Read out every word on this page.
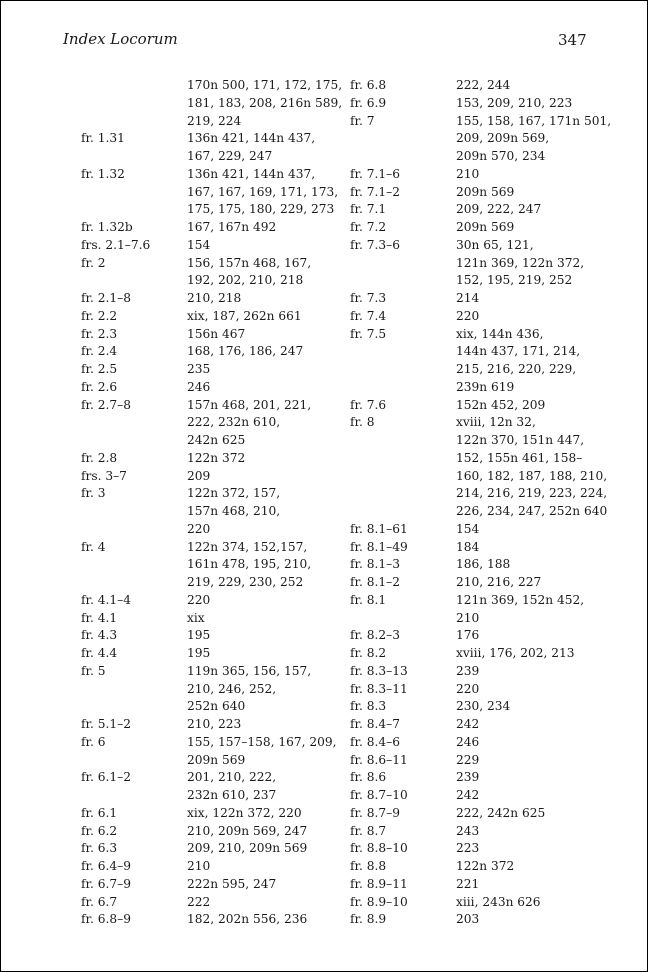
Index Locorum	347
170n 500, 171, 172, 175,
181, 183, 208, 216n 589,
219, 224
fr. 1.31	136n 421, 144n 437,
167, 229, 247
fr. 1.32	136n 421, 144n 437,
167, 167, 169, 171, 173,
175, 175, 180, 229, 273
fr. 1.32b	167, 167n 492
frs. 2.1–7.6	154
fr. 2	156, 157n 468, 167,
192, 202, 210, 218
fr. 2.1–8	210, 218
fr. 2.2	xix, 187, 262n 661
fr. 2.3	156n 467
fr. 2.4	168, 176, 186, 247
fr. 2.5	235
fr. 2.6	246
fr. 2.7–8	157n 468, 201, 221,
222, 232n 610,
242n 625
fr. 2.8	122n 372
frs. 3–7	209
fr. 3	122n 372, 157,
157n 468, 210,
220
fr. 4	122n 374, 152,157,
161n 478, 195, 210,
219, 229, 230, 252
fr. 4.1–4	220
fr. 4.1	xix
fr. 4.3	195
fr. 4.4	195
fr. 5	119n 365, 156, 157,
210, 246, 252,
252n 640
fr. 5.1–2	210, 223
fr. 6	155, 157–158, 167, 209,
209n 569
fr. 6.1–2	201, 210, 222,
232n 610, 237
fr. 6.1	xix, 122n 372, 220
fr. 6.2	210, 209n 569, 247
fr. 6.3	209, 210, 209n 569
fr. 6.4–9	210
fr. 6.7–9	222n 595, 247
fr. 6.7	222
fr. 6.8–9	182, 202n 556, 236
fr. 6.8	222, 244
fr. 6.9	153, 209, 210, 223
fr. 7	155, 158, 167, 171n 501,
209, 209n 569,
209n 570, 234
fr. 7.1–6	210
fr. 7.1–2	209n 569
fr. 7.1	209, 222, 247
fr. 7.2	209n 569
fr. 7.3–6	30n 65, 121,
121n 369, 122n 372,
152, 195, 219, 252
fr. 7.3	214
fr. 7.4	220
fr. 7.5	xix, 144n 436,
144n 437, 171, 214,
215, 216, 220, 229,
239n 619
fr. 7.6	152n 452, 209
fr. 8	xviii, 12n 32,
122n 370, 151n 447,
152, 155n 461, 158–
160, 182, 187, 188, 210,
214, 216, 219, 223, 224,
226, 234, 247, 252n 640
fr. 8.1–61	154
fr. 8.1–49	184
fr. 8.1–3	186, 188
fr. 8.1–2	210, 216, 227
fr. 8.1	121n 369, 152n 452,
210
fr. 8.2–3	176
fr. 8.2	xviii, 176, 202, 213
fr. 8.3–13	239
fr. 8.3–11	220
fr. 8.3	230, 234
fr. 8.4–7	242
fr. 8.4–6	246
fr. 8.6–11	229
fr. 8.6	239
fr. 8.7–10	242
fr. 8.7–9	222, 242n 625
fr. 8.7	243
fr. 8.8–10	223
fr. 8.8	122n 372
fr. 8.9–11	221
fr. 8.9–10	xiii, 243n 626
fr. 8.9	203
